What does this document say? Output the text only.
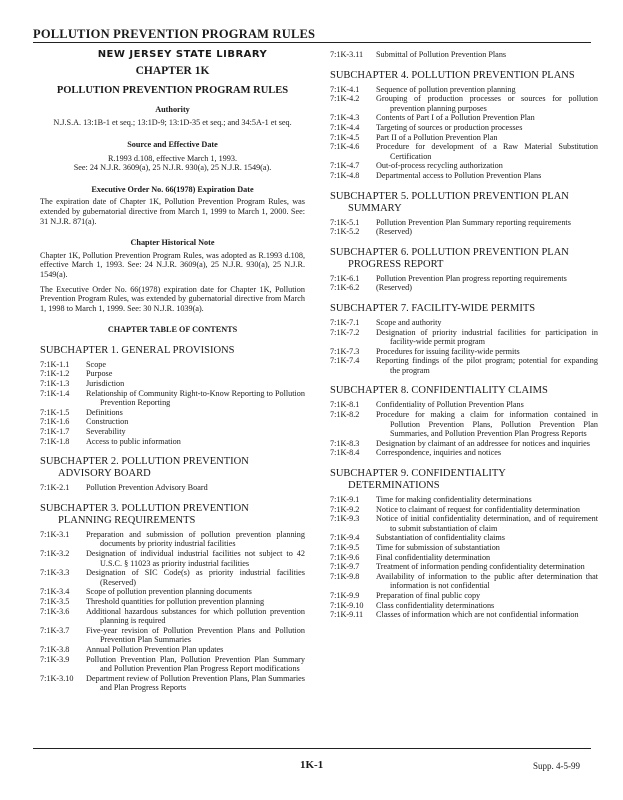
POLLUTION PREVENTION PROGRAM RULES
NEW JERSEY STATE LIBRARY
CHAPTER 1K
POLLUTION PREVENTION PROGRAM RULES
Authority
N.J.S.A. 13:1B-1 et seq.; 13:1D-9; 13:1D-35 et seq.; and 34:5A-1 et seq.
Source and Effective Date
R.1993 d.108, effective March 1, 1993.
See: 24 N.J.R. 3609(a), 25 N.J.R. 930(a), 25 N.J.R. 1549(a).
Executive Order No. 66(1978) Expiration Date
The expiration date of Chapter 1K, Pollution Prevention Program Rules, was extended by gubernatorial directive from March 1, 1999 to March 1, 2000. See: 31 N.J.R. 871(a).
Chapter Historical Note
Chapter 1K, Pollution Prevention Program Rules, was adopted as R.1993 d.108, effective March 1, 1993. See: 24 N.J.R. 3609(a), 25 N.J.R. 930(a), 25 N.J.R. 1549(a).
The Executive Order No. 66(1978) expiration date for Chapter 1K, Pollution Prevention Program Rules, was extended by gubernatorial directive from March 1, 1998 to March 1, 1999. See: 30 N.J.R. 1039(a).
CHAPTER TABLE OF CONTENTS
SUBCHAPTER 1. GENERAL PROVISIONS
7:1K-1.1	Scope
7:1K-1.2	Purpose
7:1K-1.3	Jurisdiction
7:1K-1.4	Relationship of Community Right-to-Know Reporting to Pollution Prevention Reporting
7:1K-1.5	Definitions
7:1K-1.6	Construction
7:1K-1.7	Severability
7:1K-1.8	Access to public information
SUBCHAPTER 2. POLLUTION PREVENTION
ADVISORY BOARD
7:1K-2.1	Pollution Prevention Advisory Board
SUBCHAPTER 3. POLLUTION PREVENTION
PLANNING REQUIREMENTS
7:1K-3.1	Preparation and submission of pollution prevention planning documents by priority industrial facilities
7:1K-3.2	Designation of individual industrial facilities not subject to 42 U.S.C. § 11023 as priority industrial facilities
7:1K-3.3	Designation of SIC Code(s) as priority industrial facilities (Reserved)
7:1K-3.4	Scope of pollution prevention planning documents
7:1K-3.5	Threshold quantities for pollution prevention planning
7:1K-3.6	Additional hazardous substances for which pollution prevention planning is required
7:1K-3.7	Five-year revision of Pollution Prevention Plans and Pollution Prevention Plan Summaries
7:1K-3.8	Annual Pollution Prevention Plan updates
7:1K-3.9	Pollution Prevention Plan, Pollution Prevention Plan Summary and Pollution Prevention Plan Progress Report modifications
7:1K-3.10	Department review of Pollution Prevention Plans, Plan Summaries and Plan Progress Reports
7:1K-3.11	Submittal of Pollution Prevention Plans
SUBCHAPTER 4. POLLUTION PREVENTION PLANS
7:1K-4.1	Sequence of pollution prevention planning
7:1K-4.2	Grouping of production processes or sources for pollution prevention planning purposes
7:1K-4.3	Contents of Part I of a Pollution Prevention Plan
7:1K-4.4	Targeting of sources or production processes
7:1K-4.5	Part II of a Pollution Prevention Plan
7:1K-4.6	Procedure for development of a Raw Material Substitution Certification
7:1K-4.7	Out-of-process recycling authorization
7:1K-4.8	Departmental access to Pollution Prevention Plans
SUBCHAPTER 5. POLLUTION PREVENTION PLAN
SUMMARY
7:1K-5.1	Pollution Prevention Plan Summary reporting requirements
7:1K-5.2	(Reserved)
SUBCHAPTER 6. POLLUTION PREVENTION PLAN
PROGRESS REPORT
7:1K-6.1	Pollution Prevention Plan progress reporting requirements
7:1K-6.2	(Reserved)
SUBCHAPTER 7. FACILITY-WIDE PERMITS
7:1K-7.1	Scope and authority
7:1K-7.2	Designation of priority industrial facilities for participation in facility-wide permit program
7:1K-7.3	Procedures for issuing facility-wide permits
7:1K-7.4	Reporting findings of the pilot program; potential for expanding the program
SUBCHAPTER 8. CONFIDENTIALITY CLAIMS
7:1K-8.1	Confidentiality of Pollution Prevention Plans
7:1K-8.2	Procedure for making a claim for information contained in Pollution Prevention Plans, Pollution Prevention Plan Summaries, and Pollution Prevention Plan Progress Reports
7:1K-8.3	Designation by claimant of an addressee for notices and inquiries
7:1K-8.4	Correspondence, inquiries and notices
SUBCHAPTER 9. CONFIDENTIALITY
DETERMINATIONS
7:1K-9.1	Time for making confidentiality determinations
7:1K-9.2	Notice to claimant of request for confidentiality determination
7:1K-9.3	Notice of initial confidentiality determination, and of requirement to submit substantiation of claim
7:1K-9.4	Substantiation of confidentiality claims
7:1K-9.5	Time for submission of substantiation
7:1K-9.6	Final confidentiality determination
7:1K-9.7	Treatment of information pending confidentiality determination
7:1K-9.8	Availability of information to the public after determination that information is not confidential
7:1K-9.9	Preparation of final public copy
7:1K-9.10	Class confidentiality determinations
7:1K-9.11	Classes of information which are not confidential information
1K-1	Supp. 4-5-99
